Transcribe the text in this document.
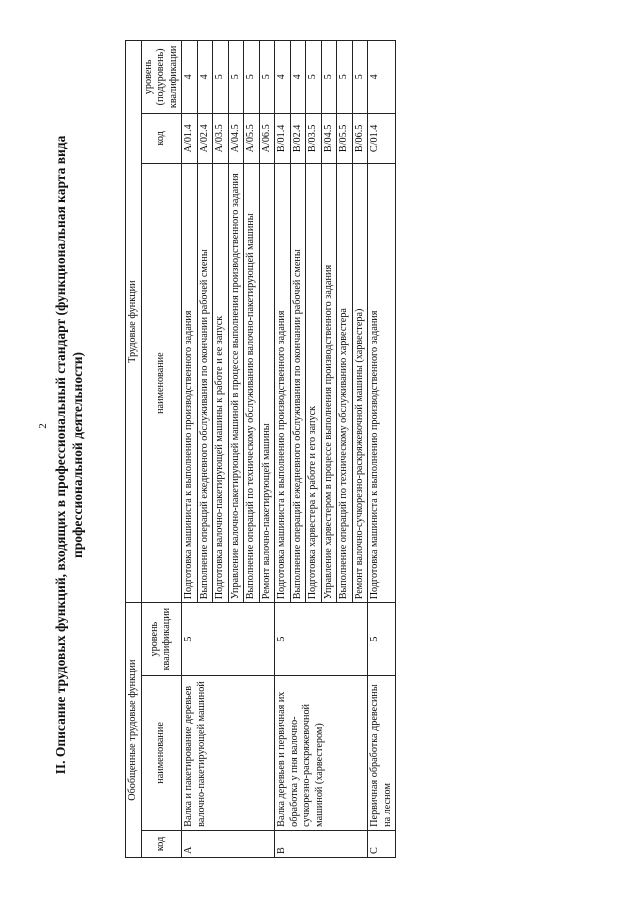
2 II. Описание трудовых функций, входящих в профессиональный стандарт (функциональная карта вида профессиональной деятельности)
Обобщенные трудовые функции			Трудовые функции		
код	наименование	уровень квалификации	наименование	код	уровень (подуровень) квалификации
A	Валка и пакетирование деревьев валочно-пакетирующей машиной	5	Подготовка машиниста к выполнению производственного задания	A/01.4	4
			Выполнение операций ежедневного обслуживания по окончании рабочей смены	A/02.4	4
			Подготовка валочно-пакетирующей машины к работе и ее запуск	A/03.5	5
			Управление валочно-пакетирующей машиной в процессе выполнения производственного задания	A/04.5	5
			Выполнение операций по техническому обслуживанию валочно-пакетирующей машины	A/05.5	5
			Ремонт валочно-пакетирующей машины	A/06.5	5
B	Валка деревьев и первичная их обработка у пня валочно-сучкорезно-раскряжевочной машиной (харвестером)	5	Подготовка машиниста к выполнению производственного задания	B/01.4	4
			Выполнение операций ежедневного обслуживания по окончании рабочей смены	B/02.4	4
			Подготовка харвестера к работе и его запуск	B/03.5	5
			Управление харвестером в процессе выполнения производственного задания	B/04.5	5
			Выполнение операций по техническому обслуживанию харвестера	B/05.5	5
			Ремонт валочно-сучкорезно-раскряжевочной машины (харвестера)	B/06.5	5
C	Первичная обработка древесины на лесном	5	Подготовка машиниста к выполнению производственного задания	C/01.4	4
